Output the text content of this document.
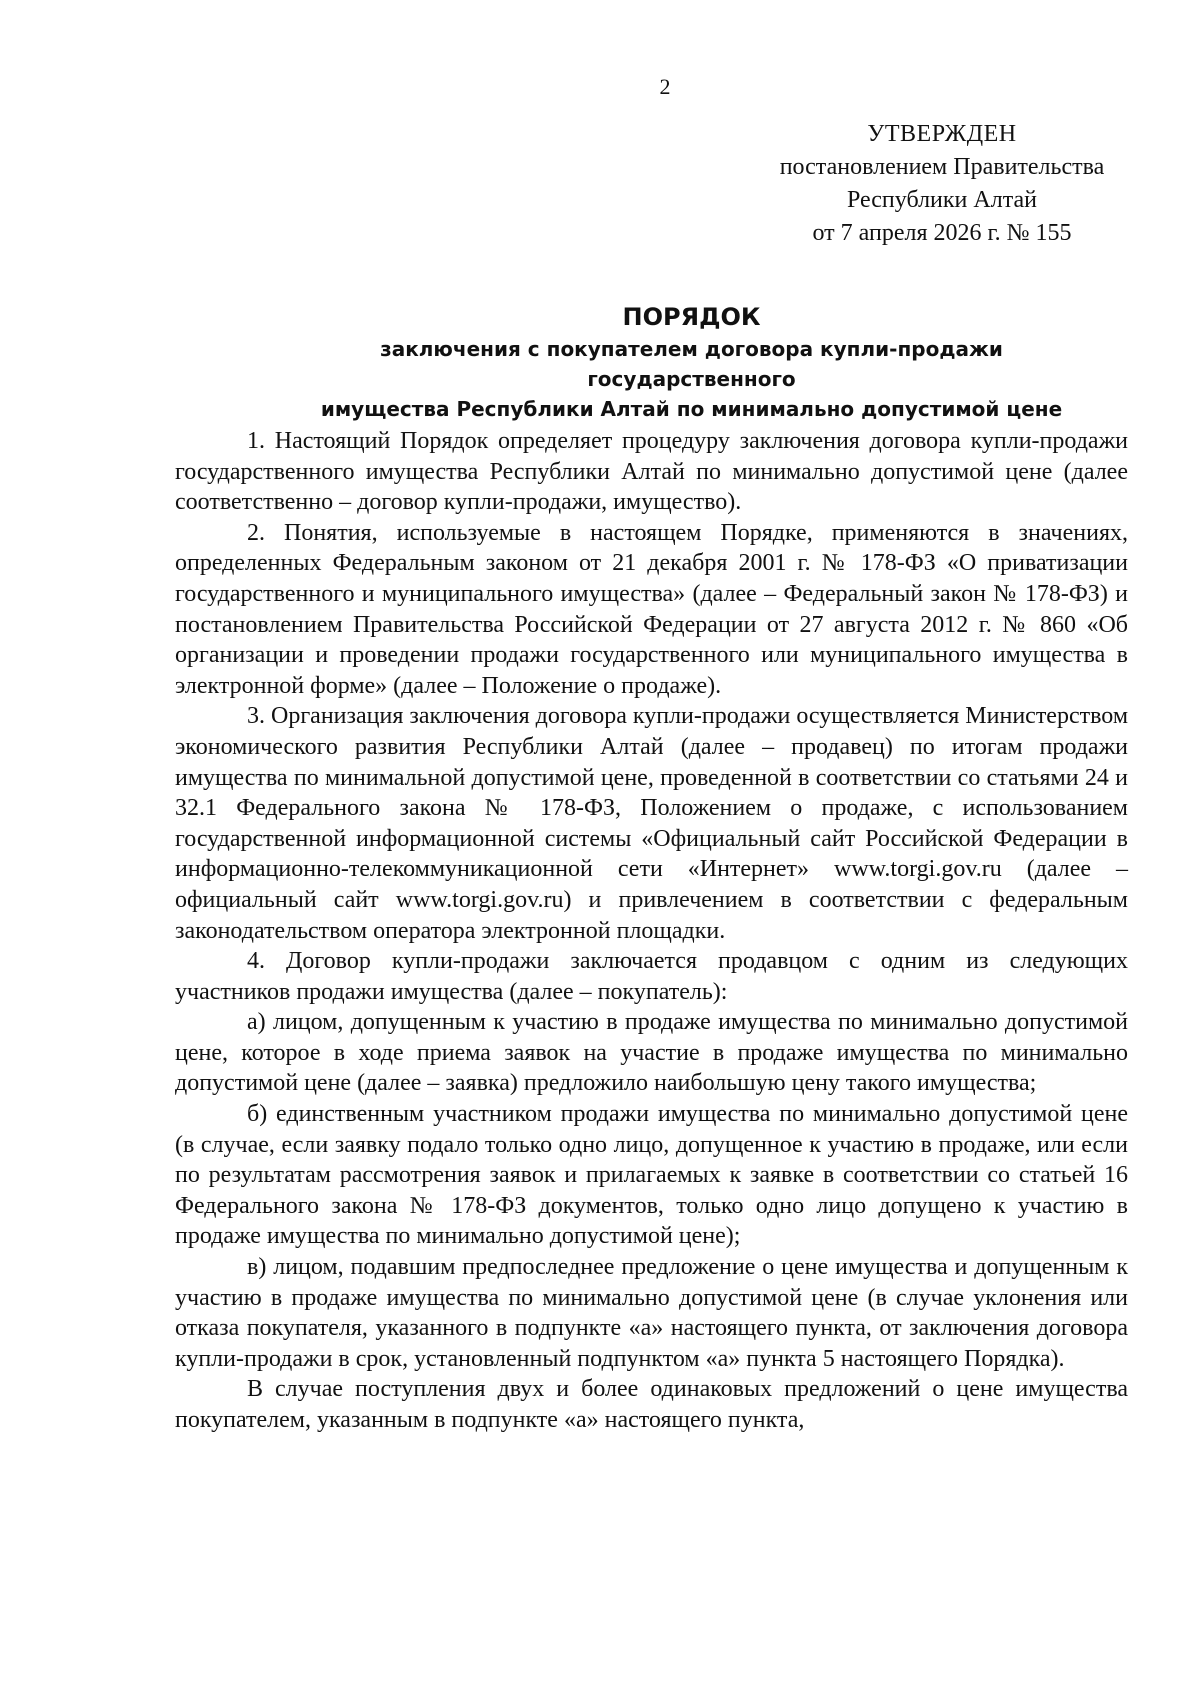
2
УТВЕРЖДЕН
постановлением Правительства
Республики Алтай
от 7 апреля 2026 г. № 155
ПОРЯДОК
заключения с покупателем договора купли-продажи государственного
имущества Республики Алтай по минимально допустимой цене

1. Настоящий Порядок определяет процедуру заключения договора купли-продажи государственного имущества Республики Алтай по минимально допустимой цене (далее соответственно – договор купли-продажи, имущество).

2. Понятия, используемые в настоящем Порядке, применяются в значениях, определенных Федеральным законом от 21 декабря 2001 г. № 178-ФЗ «О приватизации государственного и муниципального имущества» (далее – Федеральный закон № 178-ФЗ) и постановлением Правительства Российской Федерации от 27 августа 2012 г. № 860 «Об организации и проведении продажи государственного или муниципального имущества в электронной форме» (далее – Положение о продаже).

3. Организация заключения договора купли-продажи осуществляется Министерством экономического развития Республики Алтай (далее – продавец) по итогам продажи имущества по минимальной допустимой цене, проведенной в соответствии со статьями 24 и 32.1 Федерального закона № 178-ФЗ, Положением о продаже, с использованием государственной информационной системы «Официальный сайт Российской Федерации в информационно-телекоммуникационной сети «Интернет» www.torgi.gov.ru (далее – официальный сайт www.torgi.gov.ru) и привлечением в соответствии с федеральным законодательством оператора электронной площадки.

4. Договор купли-продажи заключается продавцом с одним из следующих участников продажи имущества (далее – покупатель):

а) лицом, допущенным к участию в продаже имущества по минимально допустимой цене, которое в ходе приема заявок на участие в продаже имущества по минимально допустимой цене (далее – заявка) предложило наибольшую цену такого имущества;

б) единственным участником продажи имущества по минимально допустимой цене (в случае, если заявку подало только одно лицо, допущенное к участию в продаже, или если по результатам рассмотрения заявок и прилагаемых к заявке в соответствии со статьей 16 Федерального закона № 178-ФЗ документов, только одно лицо допущено к участию в продаже имущества по минимально допустимой цене);

в) лицом, подавшим предпоследнее предложение о цене имущества и допущенным к участию в продаже имущества по минимально допустимой цене (в случае уклонения или отказа покупателя, указанного в подпункте «а» настоящего пункта, от заключения договора купли-продажи в срок, установленный подпунктом «а» пункта 5 настоящего Порядка).

В случае поступления двух и более одинаковых предложений о цене имущества покупателем, указанным в подпункте «а» настоящего пункта,
